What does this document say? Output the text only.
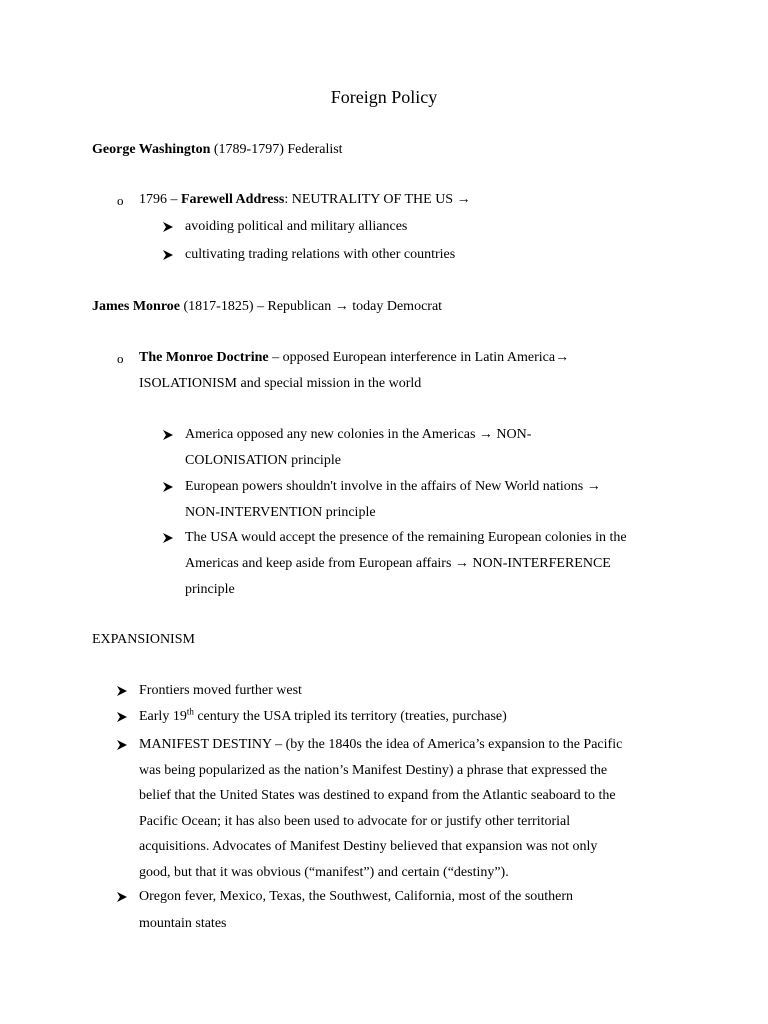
Foreign Policy
George Washington (1789-1797) Federalist
o 1796 – Farewell Address: NEUTRALITY OF THE US →
avoiding political and military alliances
cultivating trading relations with other countries
James Monroe (1817-1825) – Republican → today Democrat
o The Monroe Doctrine – opposed European interference in Latin America→
ISOLATIONISM and special mission in the world
America opposed any new colonies in the Americas → NON-
COLONISATION principle
European powers shouldn't involve in the affairs of New World nations →
NON-INTERVENTION principle
The USA would accept the presence of the remaining European colonies in the
Americas and keep aside from European affairs → NON-INTERFERENCE
principle
EXPANSIONISM
Frontiers moved further west
Early 19th century the USA tripled its territory (treaties, purchase)
MANIFEST DESTINY – (by the 1840s the idea of America’s expansion to the Pacific
was being popularized as the nation’s Manifest Destiny) a phrase that expressed the
belief that the United States was destined to expand from the Atlantic seaboard to the
Pacific Ocean; it has also been used to advocate for or justify other territorial
acquisitions. Advocates of Manifest Destiny believed that expansion was not only
good, but that it was obvious (“manifest”) and certain (“destiny”).
Oregon fever, Mexico, Texas, the Southwest, California, most of the southern
mountain states
